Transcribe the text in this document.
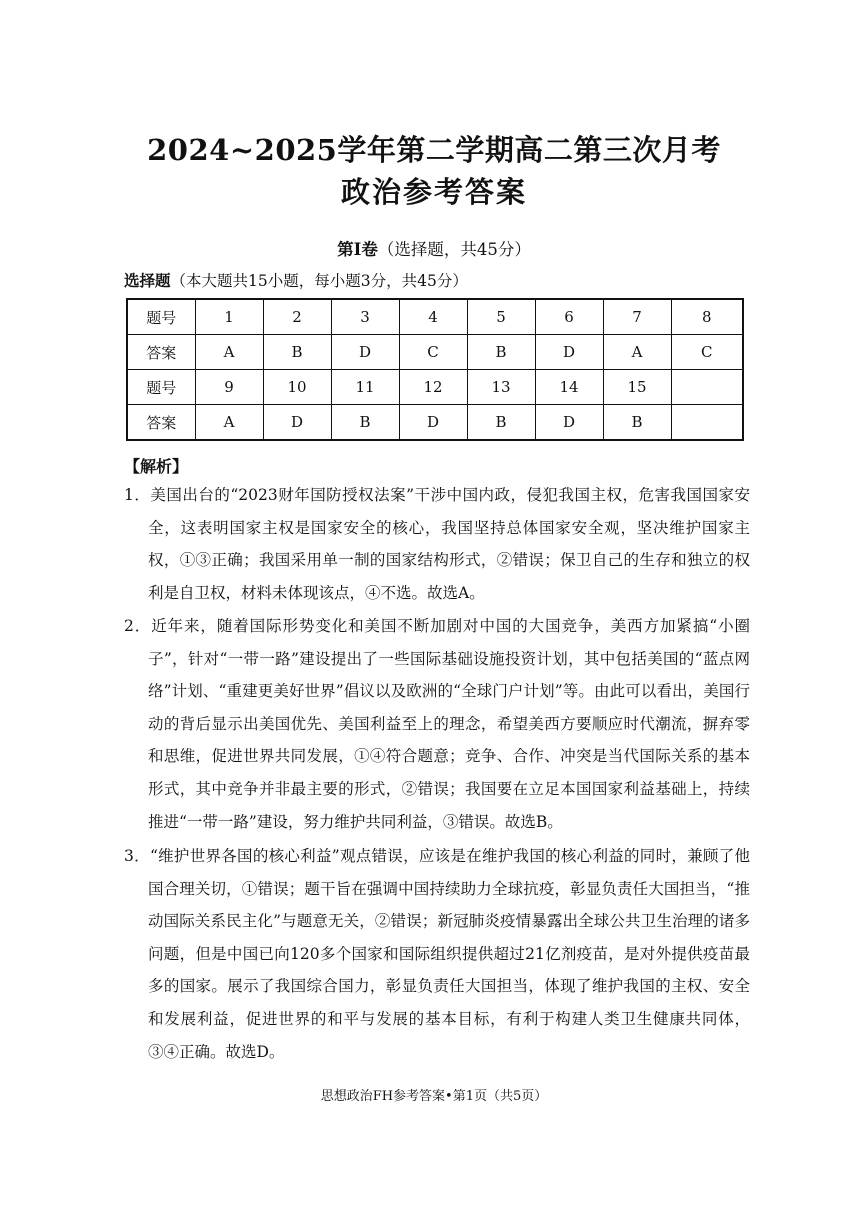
2024~2025学年第二学期高二第三次月考
政治参考答案
第Ⅰ卷（选择题，共45分）
选择题（本大题共15小题，每小题3分，共45分）
题号	1	2	3	4	5	6	7	8
答案	A	B	D	C	B	D	A	C
题号	9	10	11	12	13	14	15	
答案	A	D	B	D	B	D	B	
【解析】
1．美国出台的“2023财年国防授权法案”干涉中国内政，侵犯我国主权，危害我国国家安全，这表明国家主权是国家安全的核心，我国坚持总体国家安全观，坚决维护国家主权，①③正确；我国采用单一制的国家结构形式，②错误；保卫自己的生存和独立的权利是自卫权，材料未体现该点，④不选。故选A。
2．近年来，随着国际形势变化和美国不断加剧对中国的大国竞争，美西方加紧搞“小圈子”，针对“一带一路”建设提出了一些国际基础设施投资计划，其中包括美国的“蓝点网络”计划、“重建更美好世界”倡议以及欧洲的“全球门户计划”等。由此可以看出，美国行动的背后显示出美国优先、美国利益至上的理念，希望美西方要顺应时代潮流，摒弃零和思维，促进世界共同发展，①④符合题意；竞争、合作、冲突是当代国际关系的基本形式，其中竞争并非最主要的形式，②错误；我国要在立足本国国家利益基础上，持续推进“一带一路”建设，努力维护共同利益，③错误。故选B。
3．“维护世界各国的核心利益”观点错误，应该是在维护我国的核心利益的同时，兼顾了他国合理关切，①错误；题干旨在强调中国持续助力全球抗疫，彰显负责任大国担当，“推动国际关系民主化”与题意无关，②错误；新冠肺炎疫情暴露出全球公共卫生治理的诸多问题，但是中国已向120多个国家和国际组织提供超过21亿剂疫苗，是对外提供疫苗最多的国家。展示了我国综合国力，彰显负责任大国担当，体现了维护我国的主权、安全和发展利益，促进世界的和平与发展的基本目标，有利于构建人类卫生健康共同体，③④正确。故选D。
思想政治FH参考答案•第1页（共5页）
